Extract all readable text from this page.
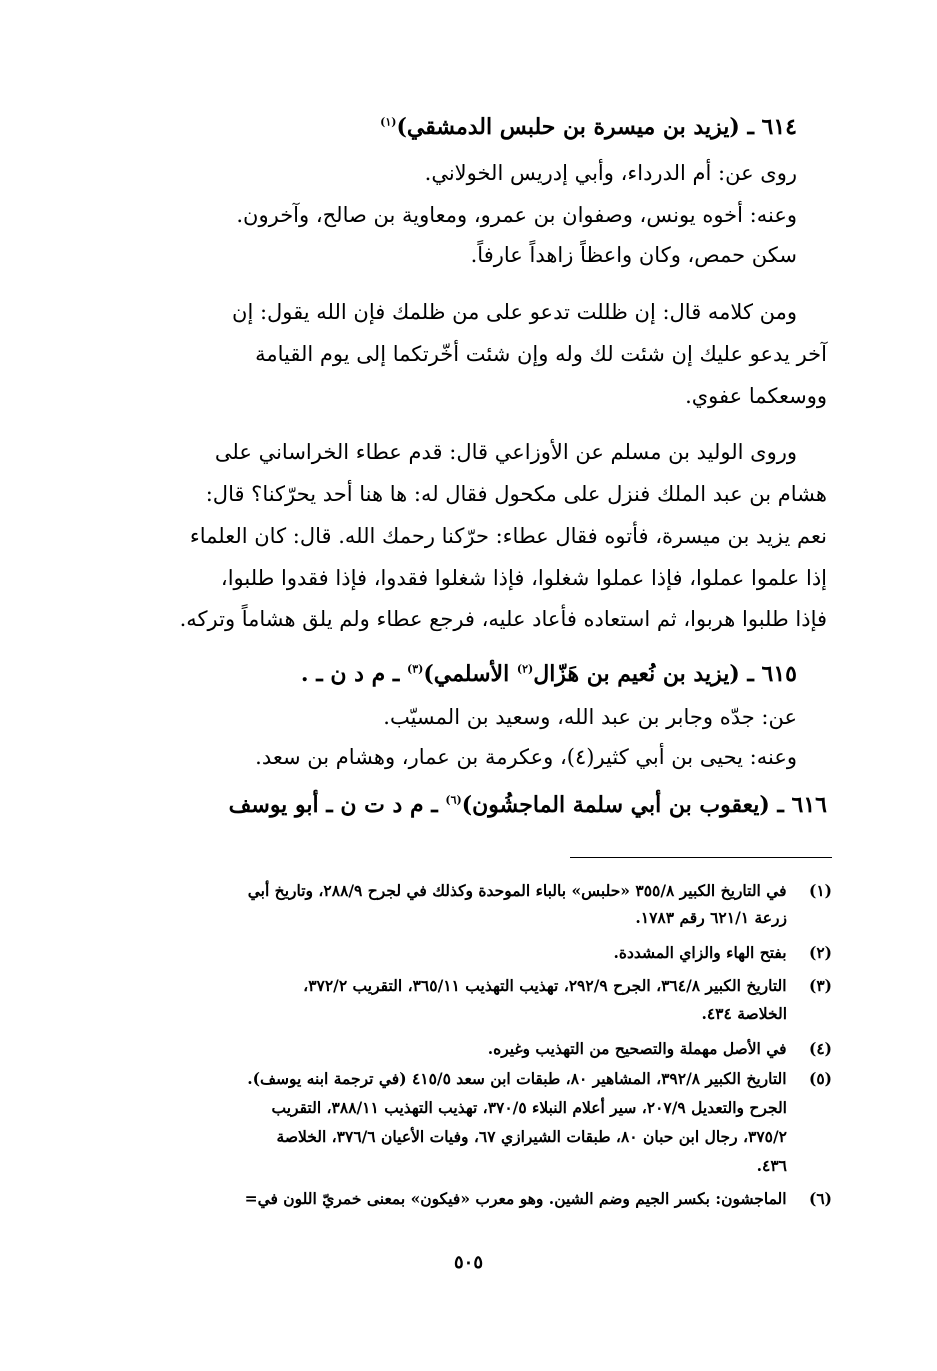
٦١٤ ـ (يزيد بن ميسرة بن حلبس الدمشقي)$^{(١)}$
روى عن: أم الدرداء، وأبي إدريس الخولاني.
وعنه: أخوه يونس، وصفوان بن عمرو، ومعاوية بن صالح، وآخرون.
سكن حمص، وكان واعظاً زاهداً عارفاً.
ومن كلامه قال: إن ظللت تدعو على من ظلمك فإن الله يقول: إن
آخر يدعو عليك إن شئت لك وله وإن شئت أخّرتكما إلى يوم القيامة
ووسعكما عفوي.
وروى الوليد بن مسلم عن الأوزاعي قال: قدم عطاء الخراساني على
هشام بن عبد الملك فنزل على مكحول فقال له: ها هنا أحد يحرّكنا؟ قال:
نعم يزيد بن ميسرة، فأتوه فقال عطاء: حرّكنا رحمك الله. قال: كان العلماء
إذا علموا عملوا، فإذا عملوا شغلوا، فإذا شغلوا فقدوا، فإذا فقدوا طلبوا،
فإذا طلبوا هربوا، ثم استعاده فأعاد عليه، فرجع عطاء ولم يلق هشاماً وتركه.
٦١٥ ـ (يزيد بن نُعيم بن هَزّال$^{(٢)}$ الأسلمي)$^{(٣)}$ ـ م د ن ـ .
عن: جدّه وجابر بن عبد الله، وسعيد بن المسيّب.
وعنه: يحيى بن أبي كثير(٤)، وعكرمة بن عمار، وهشام بن سعد.
٦١٦ ـ (يعقوب بن أبي سلمة الماجشُون)$^{(٦)}$ ـ م د ت ن ـ أبو يوسف
(١) في التاريخ الكبير ٣٥٥/٨ «حلبس» بالباء الموحدة وكذلك في لجرح ٢٨٨/٩، وتاريخ أبي
زرعة ٦٢١/١ رقم ١٧٨٣.
(٢) بفتح الهاء والزاي المشددة.
(٣) التاريخ الكبير ٣٦٤/٨، الجرح ٢٩٢/٩، تهذيب التهذيب ٣٦٥/١١، التقريب ٣٧٢/٢،
الخلاصة ٤٣٤.
(٤) في الأصل مهملة والتصحيح من التهذيب وغيره.
(٥) التاريخ الكبير ٣٩٢/٨، المشاهير ٨٠، طبقات ابن سعد ٤١٥/٥ (في ترجمة ابنه يوسف).
الجرح والتعديل ٢٠٧/٩، سير أعلام النبلاء ٣٧٠/٥، تهذيب التهذيب ٣٨٨/١١، التقريب
٣٧٥/٢، رجال ابن حبان ٨٠، طبقات الشيرازي ٦٧، وفيات الأعيان ٣٧٦/٦، الخلاصة
٤٣٦.
(٦) الماجشون: بكسر الجيم وضم الشين. وهو معرب «فيكون» بمعنى خمريّ اللون في=
٥٠٥
